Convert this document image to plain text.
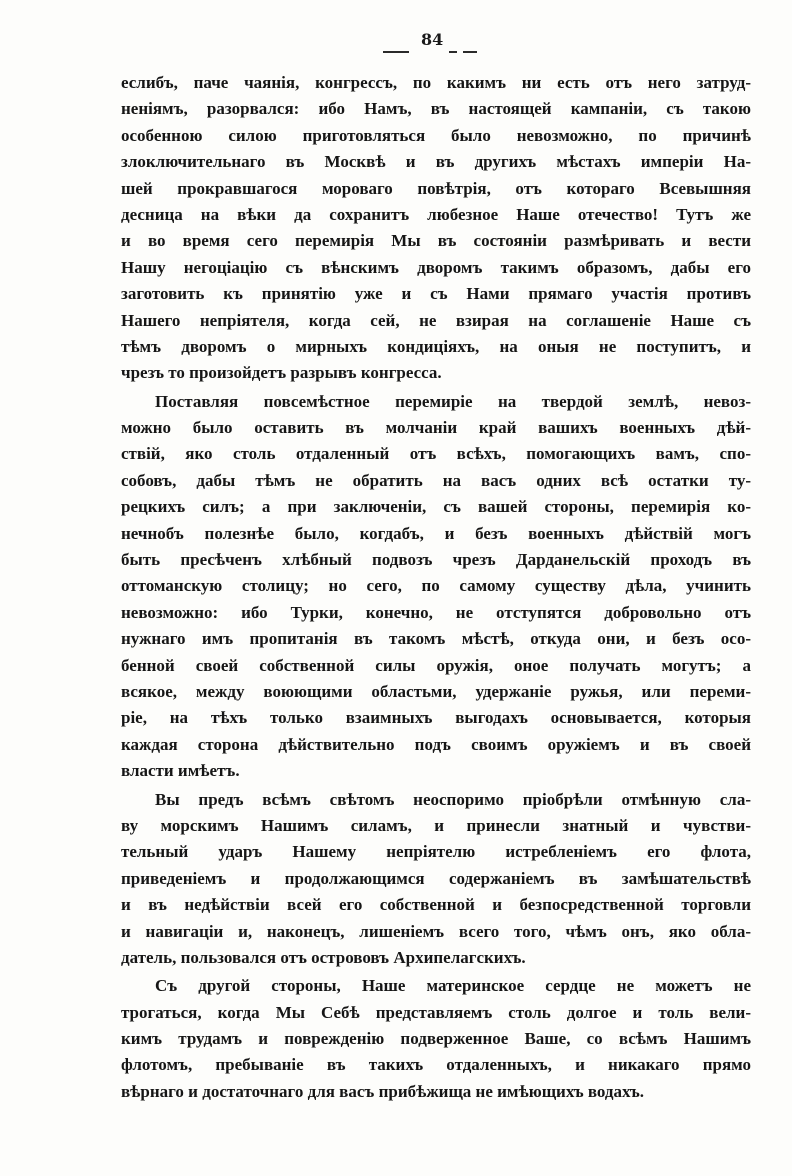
84
еслибъ, паче чаянія, конгрессъ, по какимъ ни есть отъ него затруд-
неніямъ, разорвался: ибо Намъ, въ настоящей кампаніи, съ такою
особенною силою приготовляться было невозможно, по причинѣ
злоключительнаго въ Москвѣ и въ другихъ мѣстахъ имперіи На-
шей прокравшагося мороваго повѣтрія, отъ котораго Всевышняя
десница на вѣки да сохранитъ любезное Наше отечество! Тутъ же
и во время сего перемирія Мы въ состояніи размѣривать и вести
Нашу негоціацію съ вѣнскимъ дворомъ такимъ образомъ, дабы его
заготовить къ принятію уже и съ Нами прямаго участія противъ
Нашего непріятеля, когда сей, не взирая на соглашеніе Наше съ
тѣмъ дворомъ о мирныхъ кондиціяхъ, на оныя не поступитъ, и
чрезъ то произойдетъ разрывъ конгресса.
Поставляя повсемѣстное перемиріе на твердой землѣ, невоз-
можно было оставить въ молчаніи край вашихъ военныхъ дѣй-
ствій, яко столь отдаленный отъ всѣхъ, помогающихъ вамъ, спо-
собовъ, дабы тѣмъ не обратить на васъ одних всѣ остатки ту-
рецкихъ силъ; а при заключеніи, съ вашей стороны, перемирія ко-
нечнобъ полезнѣе было, когдабъ, и безъ военныхъ дѣйствій могъ
быть пресѣченъ хлѣбный подвозъ чрезъ Дарданельскій проходъ въ
оттоманскую столицу; но сего, по самому существу дѣла, учинить
невозможно: ибо Турки, конечно, не отступятся добровольно отъ
нужнаго имъ пропитанія въ такомъ мѣстѣ, откуда они, и безъ осо-
бенной своей собственной силы оружія, оное получать могутъ; а
всякое, между воюющими областьми, удержаніе ружья, или переми-
ріе, на тѣхъ только взаимныхъ выгодахъ основывается, которыя
каждая сторона дѣйствительно подъ своимъ оружіемъ и въ своей
власти имѣетъ.
Вы предъ всѣмъ свѣтомъ неоспоримо пріобрѣли отмѣнную сла-
ву морскимъ Нашимъ силамъ, и принесли знатный и чувстви-
тельный ударъ Нашему непріятелю истребленіемъ его флота,
приведеніемъ и продолжающимся содержаніемъ въ замѣшательствѣ
и въ недѣйствіи всей его собственной и безпосредственной торговли
и навигаціи и, наконецъ, лишеніемъ всего того, чѣмъ онъ, яко обла-
датель, пользовался отъ острововъ Архипелагскихъ.
Съ другой стороны, Наше материнское сердце не можетъ не
трогаться, когда Мы Себѣ представляемъ столь долгое и толь вели-
кимъ трудамъ и поврежденію подверженное Ваше, со всѣмъ Нашимъ
флотомъ, пребываніе въ такихъ отдаленныхъ, и никакаго прямо
вѣрнаго и достаточнаго для васъ прибѣжища не имѣющихъ водахъ.
